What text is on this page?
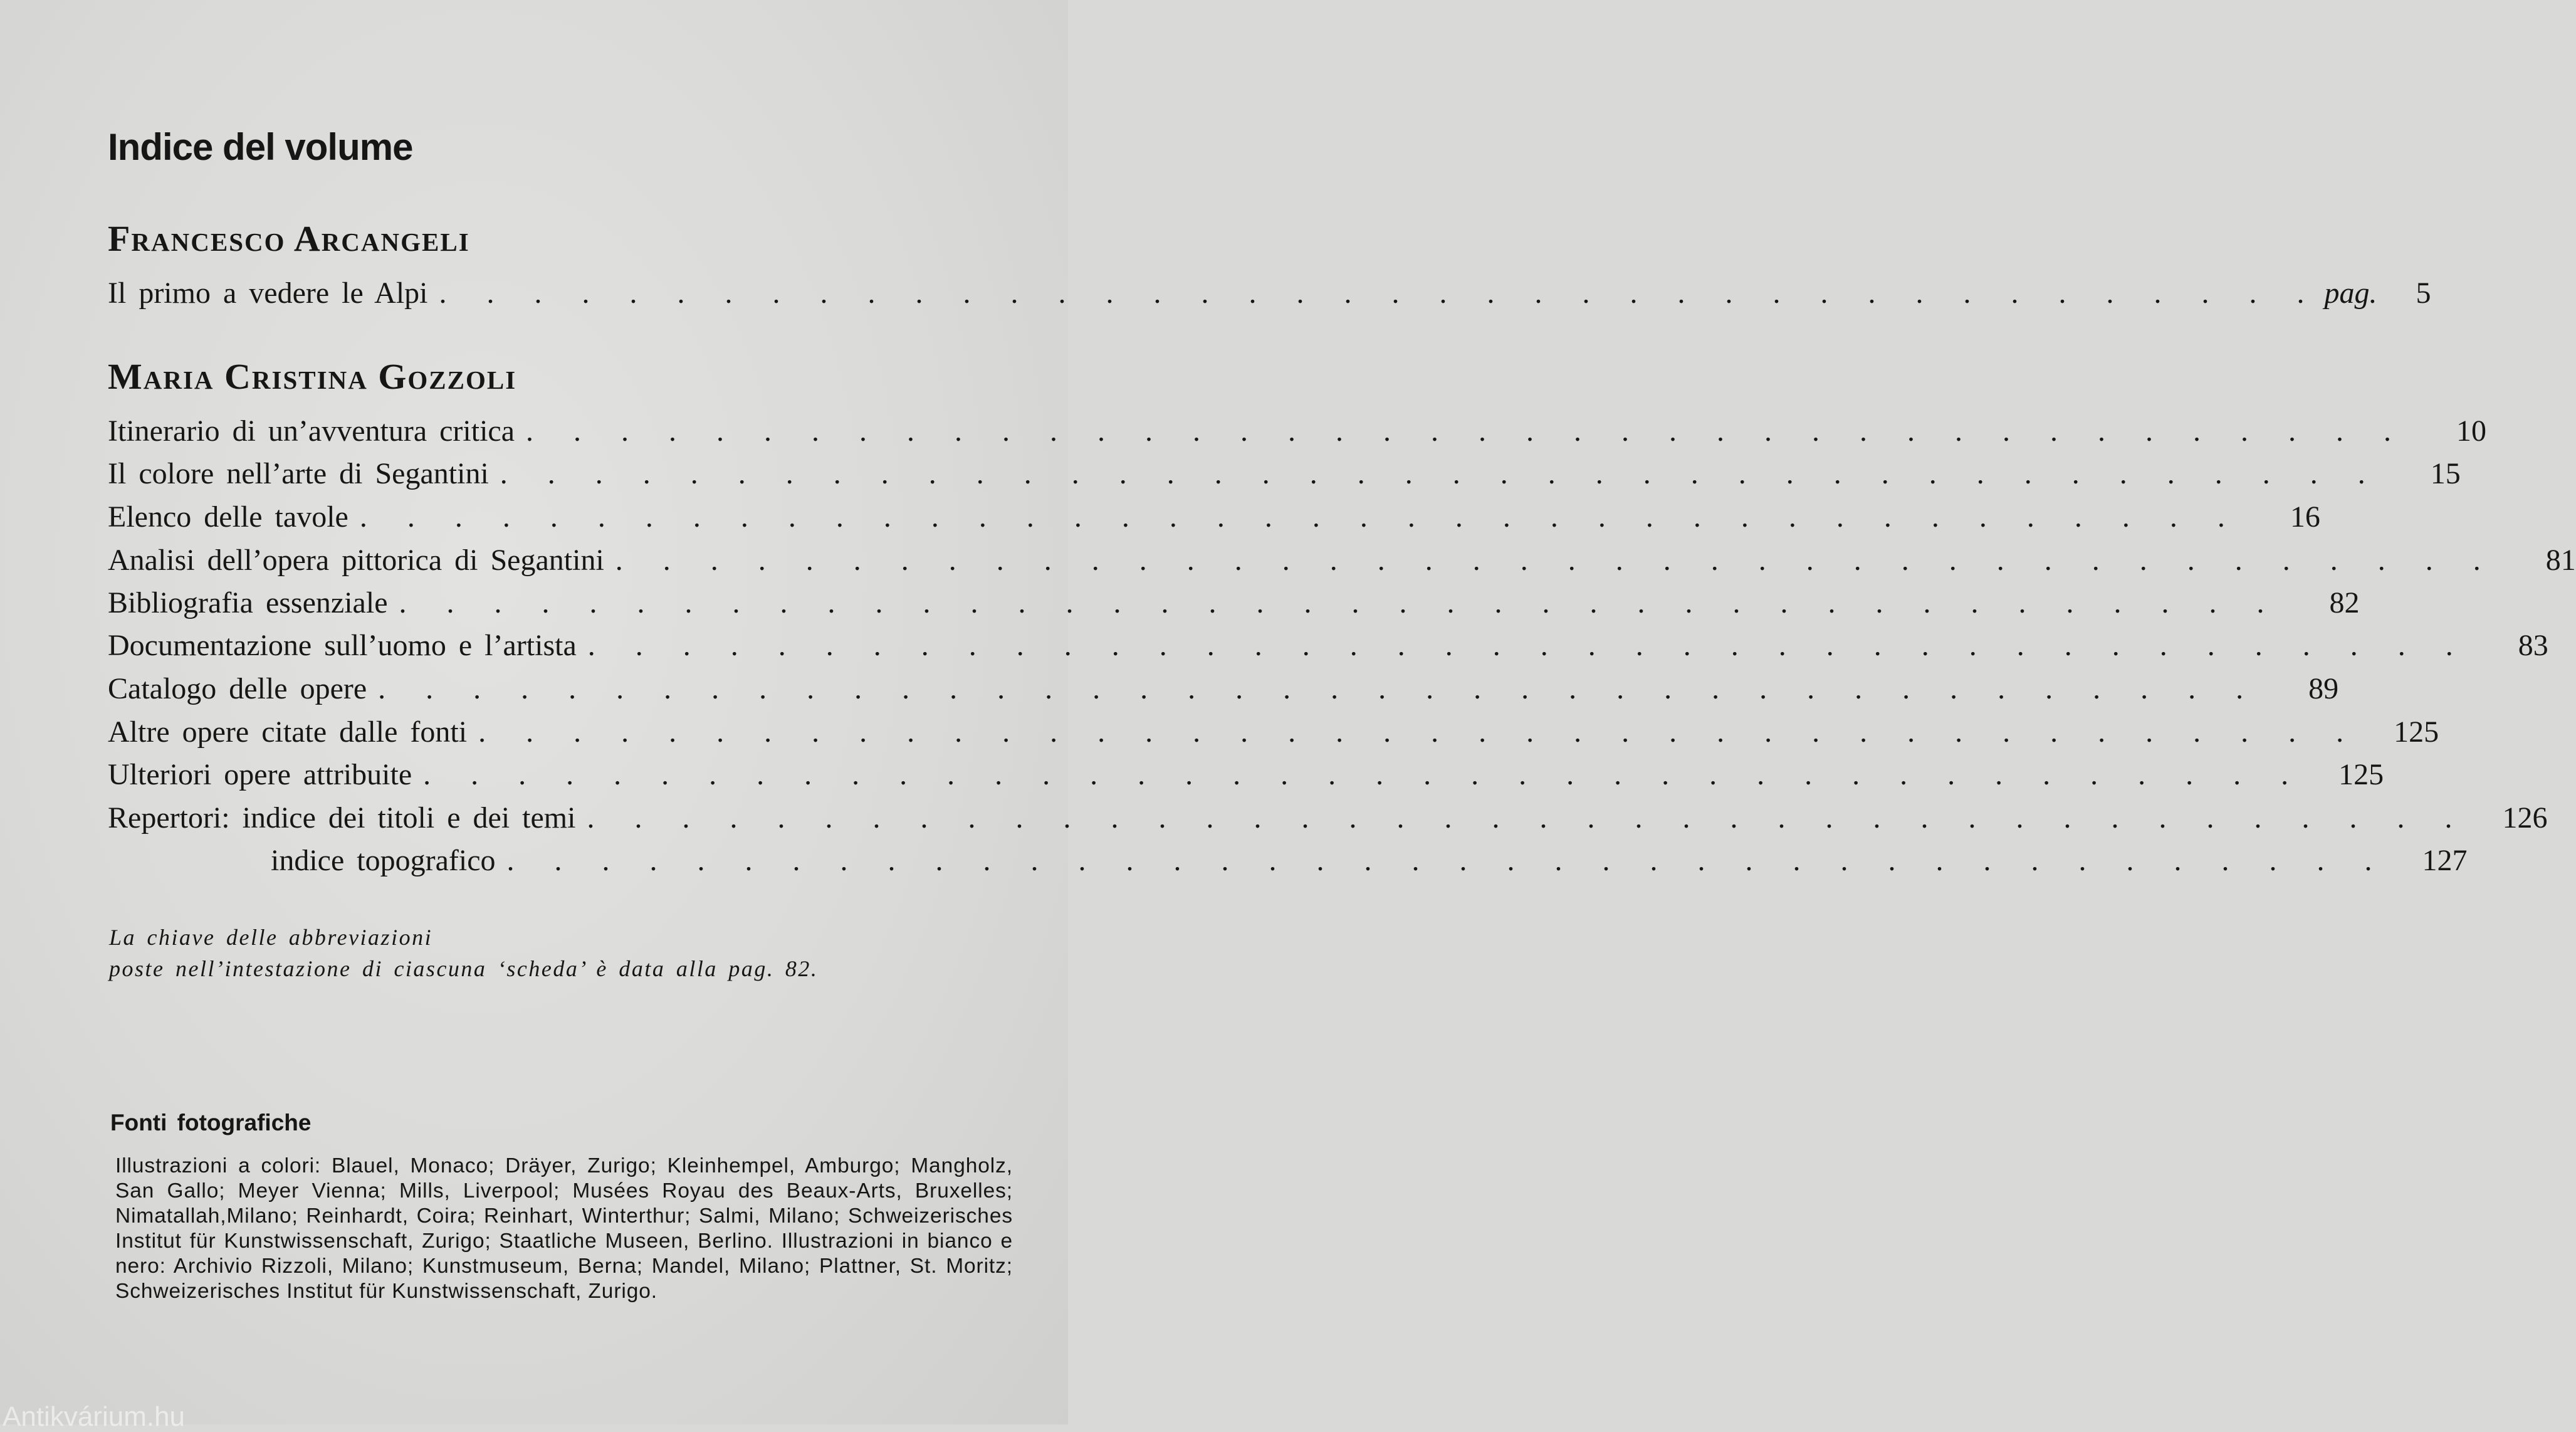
Indice del volume
Francesco Arcangeli
Il primo a vedere le Alpi . . . . . . . . . . . . . . . . . . . . . . . . . . . . . . . . . . . . . . . . pag.	5
Maria Cristina Gozzoli
Itinerario di un’avventura critica . . . . . . . . . . . . . . . . . . . . . . . . . . . . . . . . . . . . . . . .	10
Il colore nell’arte di Segantini . . . . . . . . . . . . . . . . . . . . . . . . . . . . . . . . . . . . . . . .	15
Elenco delle tavole . . . . . . . . . . . . . . . . . . . . . . . . . . . . . . . . . . . . . . . .	16
Analisi dell’opera pittorica di Segantini . . . . . . . . . . . . . . . . . . . . . . . . . . . . . . . . . . . . . . . .	81
Bibliografia essenziale . . . . . . . . . . . . . . . . . . . . . . . . . . . . . . . . . . . . . . . .	82
Documentazione sull’uomo e l’artista . . . . . . . . . . . . . . . . . . . . . . . . . . . . . . . . . . . . . . . .	83
Catalogo delle opere . . . . . . . . . . . . . . . . . . . . . . . . . . . . . . . . . . . . . . . .	89
Altre opere citate dalle fonti . . . . . . . . . . . . . . . . . . . . . . . . . . . . . . . . . . . . . . . .	125
Ulteriori opere attribuite . . . . . . . . . . . . . . . . . . . . . . . . . . . . . . . . . . . . . . . .	125
Repertori: indice dei titoli e dei temi . . . . . . . . . . . . . . . . . . . . . . . . . . . . . . . . . . . . . . . .	126
indice topografico . . . . . . . . . . . . . . . . . . . . . . . . . . . . . . . . . . . . . . . .	127

La chiave delle abbreviazioni
poste nell’intestazione di ciascuna ‘scheda’ è data alla pag. 82.

Fonti fotografiche

Illustrazioni a colori: Blauel, Monaco; Dräyer, Zurigo; Kleinhempel, Amburgo; Mangholz, San Gallo; Meyer Vienna; Mills, Liverpool; Musées Royau des Beaux-Arts, Bruxelles; Nimatallah,Milano; Reinhardt, Coira; Reinhart, Winterthur; Salmi, Milano; Schweizerisches Institut für Kunstwissenschaft, Zurigo; Staatliche Museen, Berlino. Illustrazioni in bianco e nero: Archivio Rizzoli, Milano; Kunstmuseum, Berna; Mandel, Milano; Plattner, St. Moritz; Schweizerisches Institut für Kunstwissenschaft, Zurigo.

Antikvárium.hu
